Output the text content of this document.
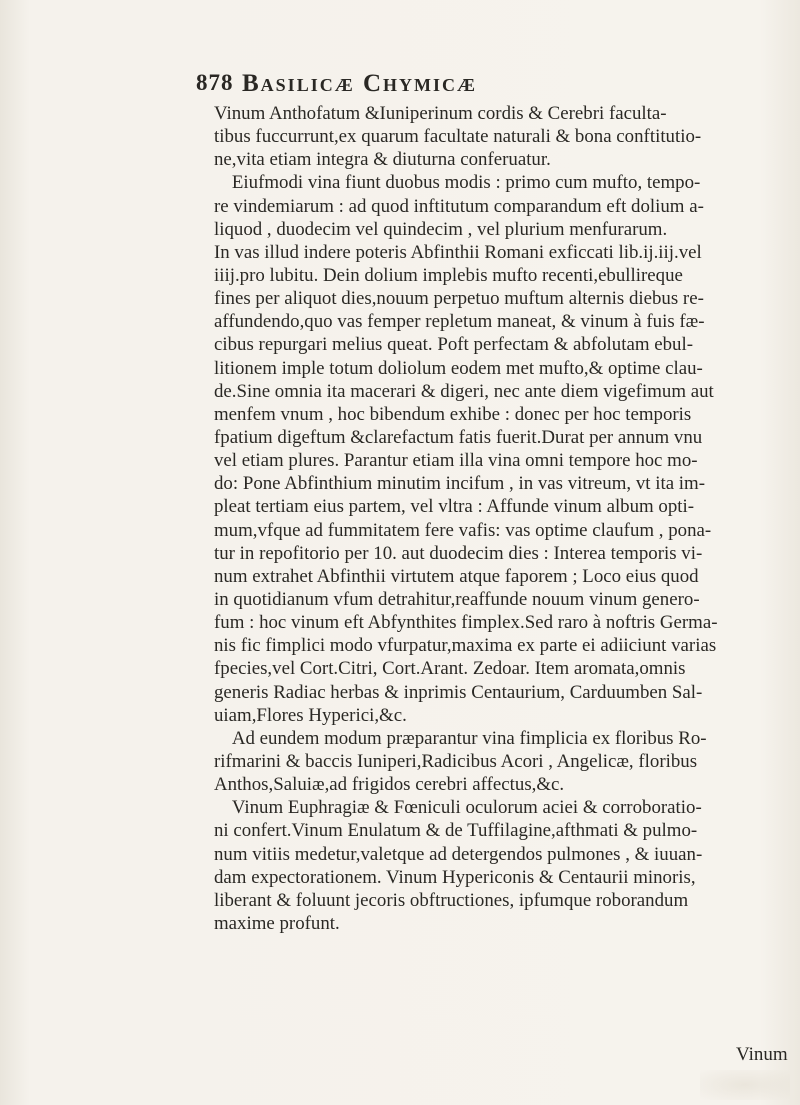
878 Basilicæ Chymicæ
Vinum Anthofatum &Iuniperinum cordis & Cerebri faculta-
tibus fuccurrunt,ex quarum facultate naturali & bona conftitutio-
ne,vita etiam integra & diuturna conferuatur.
Eiufmodi vina fiunt duobus modis : primo cum mufto, tempo-
re vindemiarum : ad quod inftitutum comparandum eft dolium a-
liquod , duodecim vel quindecim , vel plurium menfurarum.
In vas illud indere poteris Abfinthii Romani exficcati lib.ij.iij.vel
iiij.pro lubitu. Dein dolium implebis mufto recenti,ebullireque
fines per aliquot dies,nouum perpetuo muftum alternis diebus re-
affundendo,quo vas femper repletum maneat, & vinum à fuis fæ-
cibus repurgari melius queat. Poft perfectam & abfolutam ebul-
litionem imple totum doliolum eodem met mufto,& optime clau-
de.Sine omnia ita macerari & digeri, nec ante diem vigefimum aut
menfem vnum , hoc bibendum exhibe : donec per hoc temporis
fpatium digeftum &clarefactum fatis fuerit.Durat per annum vnu
vel etiam plures. Parantur etiam illa vina omni tempore hoc mo-
do: Pone Abfinthium minutim incifum , in vas vitreum, vt ita im-
pleat tertiam eius partem, vel vltra : Affunde vinum album opti-
mum,vfque ad fummitatem fere vafis: vas optime claufum , pona-
tur in repofitorio per 10. aut duodecim dies : Interea temporis vi-
num extrahet Abfinthii virtutem atque faporem ; Loco eius quod
in quotidianum vfum detrahitur,reaffunde nouum vinum genero-
fum : hoc vinum eft Abfynthites fimplex.Sed raro à noftris Germa-
nis fic fimplici modo vfurpatur,maxima ex parte ei adiiciunt varias
fpecies,vel Cort.Citri, Cort.Arant. Zedoar. Item aromata,omnis
generis Radiac herbas & inprimis Centaurium, Carduumben Sal-
uiam,Flores Hyperici,&c.
Ad eundem modum præparantur vina fimplicia ex floribus Ro-
rifmarini & baccis Iuniperi,Radicibus Acori , Angelicæ, floribus
Anthos,Saluiæ,ad frigidos cerebri affectus,&c.
Vinum Euphragiæ & Fœniculi oculorum aciei & corroboratio-
ni confert.Vinum Enulatum & de Tuffilagine,afthmati & pulmo-
num vitiis medetur,valetque ad detergendos pulmones , & iuuan-
dam expectorationem. Vinum Hypericonis & Centaurii minoris,
liberant & foluunt jecoris obftructiones, ipfumque roborandum
maxime profunt.
Vinum
